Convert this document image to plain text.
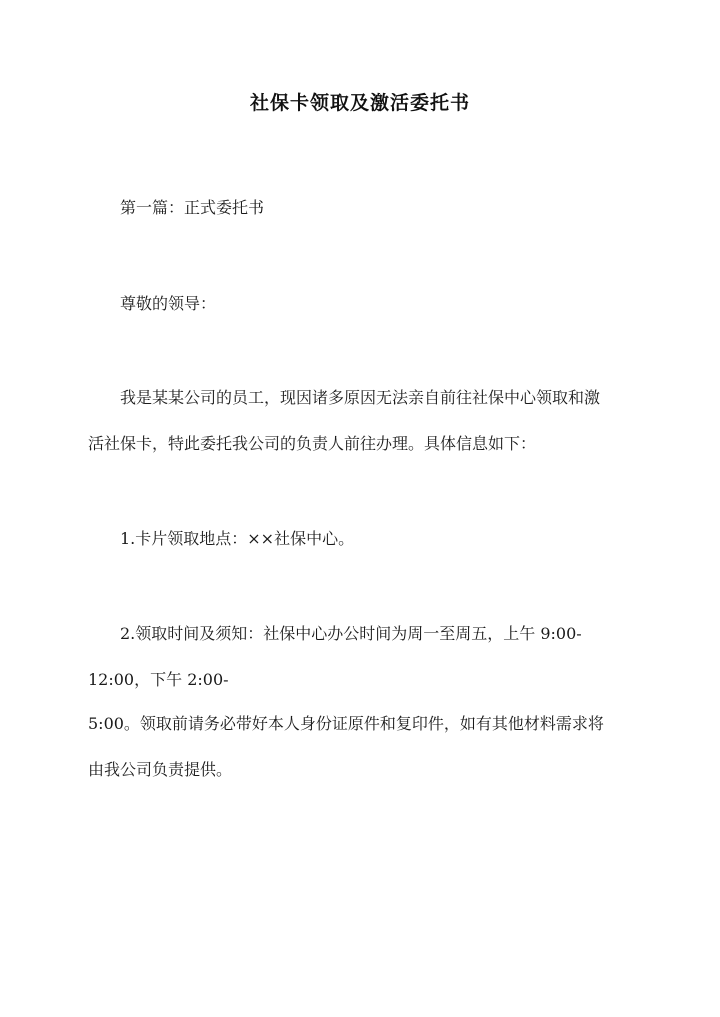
社保卡领取及激活委托书
第一篇：正式委托书
尊敬的领导：
我是某某公司的员工，现因诸多原因无法亲自前往社保中心领取和激
活社保卡，特此委托我公司的负责人前往办理。具体信息如下：
1.卡片领取地点：××社保中心。
2.领取时间及须知：社保中心办公时间为周一至周五，上午 9:00-
12:00，下午 2:00-
5:00。领取前请务必带好本人身份证原件和复印件，如有其他材料需求将
由我公司负责提供。
